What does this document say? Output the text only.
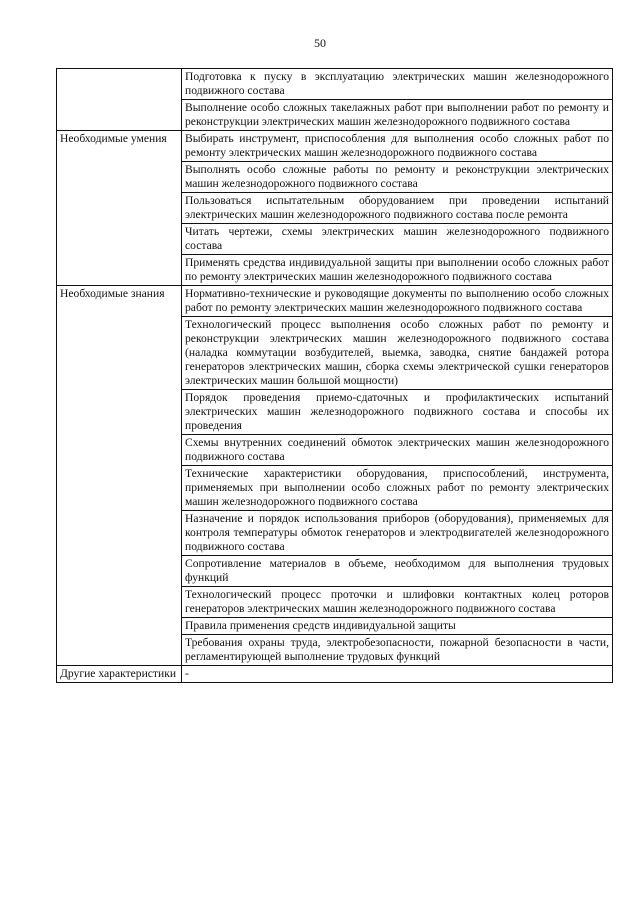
50

	Подготовка к пуску в эксплуатацию электрических машин железнодорожного подвижного состава

	Выполнение особо сложных такелажных работ при выполнении работ по ремонту и реконструкции электрических машин железнодорожного подвижного состава

Необходимые умения	Выбирать инструмент, приспособления для выполнения особо сложных работ по ремонту электрических машин железнодорожного подвижного состава

	Выполнять особо сложные работы по ремонту и реконструкции электрических машин железнодорожного подвижного состава

	Пользоваться испытательным оборудованием при проведении испытаний электрических машин железнодорожного подвижного состава после ремонта

	Читать чертежи, схемы электрических машин железнодорожного подвижного состава

	Применять средства индивидуальной защиты при выполнении особо сложных работ по ремонту электрических машин железнодорожного подвижного состава

Необходимые знания	Нормативно-технические и руководящие документы по выполнению особо сложных работ по ремонту электрических машин железнодорожного подвижного состава

	Технологический процесс выполнения особо сложных работ по ремонту и реконструкции электрических машин железнодорожного подвижного состава (наладка коммутации возбудителей, выемка, заводка, снятие бандажей ротора генераторов электрических машин, сборка схемы электрической сушки генераторов электрических машин большой мощности)

	Порядок проведения приемо-сдаточных и профилактических испытаний электрических машин железнодорожного подвижного состава и способы их проведения

	Схемы внутренних соединений обмоток электрических машин железнодорожного подвижного состава

	Технические характеристики оборудования, приспособлений, инструмента, применяемых при выполнении особо сложных работ по ремонту электрических машин железнодорожного подвижного состава

	Назначение и порядок использования приборов (оборудования), применяемых для контроля температуры обмоток генераторов и электродвигателей железнодорожного подвижного состава

	Сопротивление материалов в объеме, необходимом для выполнения трудовых функций

	Технологический процесс проточки и шлифовки контактных колец роторов генераторов электрических машин железнодорожного подвижного состава

	Правила применения средств индивидуальной защиты

	Требования охраны труда, электробезопасности, пожарной безопасности в части, регламентирующей выполнение трудовых функций

Другие характеристики	-
